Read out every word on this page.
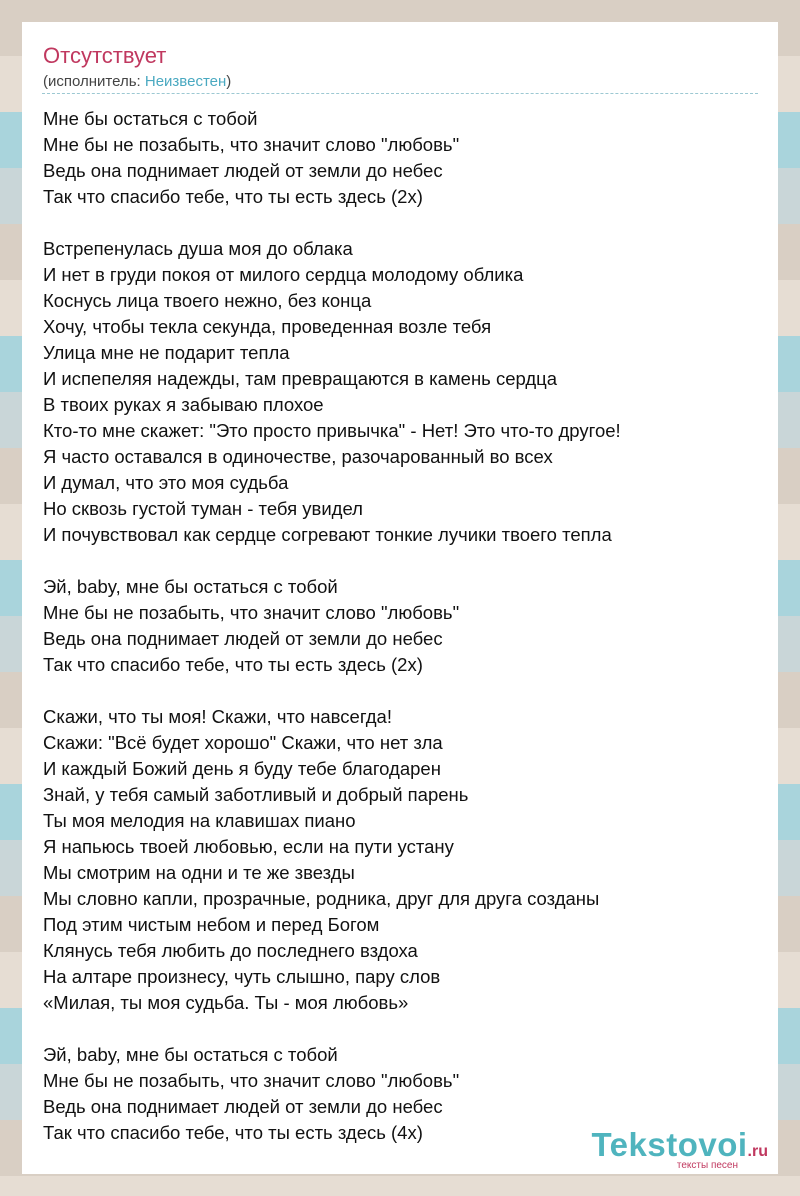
Отсутствует
(исполнитель: Неизвестен)
Мне бы остаться с тобой
Мне бы не позабыть, что значит слово "любовь"
Ведь она поднимает людей от земли до небес
Так что спасибо тебе, что ты есть здесь (2х)
Встрепенулась душа моя до облака
И нет в груди покоя от милого сердца молодому облика
Коснусь лица твоего нежно, без конца
Хочу, чтобы текла секунда, проведенная возле тебя
Улица мне не подарит тепла
И испепеляя надежды, там превращаются в камень сердца
В твоих руках я забываю плохое
Кто-то мне скажет: "Это просто привычка" - Нет! Это что-то другое!
Я часто оставался в одиночестве, разочарованный во всех
И думал, что это моя судьба
Но сквозь густой туман - тебя увидел
И почувствовал как сердце согревают тонкие лучики твоего тепла
Эй, baby, мне бы остаться с тобой
Мне бы не позабыть, что значит слово "любовь"
Ведь она поднимает людей от земли до небес
Так что спасибо тебе, что ты есть здесь (2х)
Скажи, что ты моя! Скажи, что навсегда!
Скажи: "Всё будет хорошо" Скажи, что нет зла
И каждый Божий день я буду тебе благодарен
Знай, у тебя самый заботливый и добрый парень
Ты моя мелодия на клавишах пиано
Я напьюсь твоей любовью, если на пути устану
Мы смотрим на одни и те же звезды
Мы словно капли, прозрачные, родника, друг для друга созданы
Под этим чистым небом и перед Богом
Клянусь тебя любить до последнего вздоха
На алтаре произнесу, чуть слышно, пару слов
«Милая, ты моя судьба. Ты - моя любовь»
Эй, baby, мне бы остаться с тобой
Мне бы не позабыть, что значит слово "любовь"
Ведь она поднимает людей от земли до небес
Так что спасибо тебе, что ты есть здесь (4х)	Tekstovoi.ru
тексты песен
